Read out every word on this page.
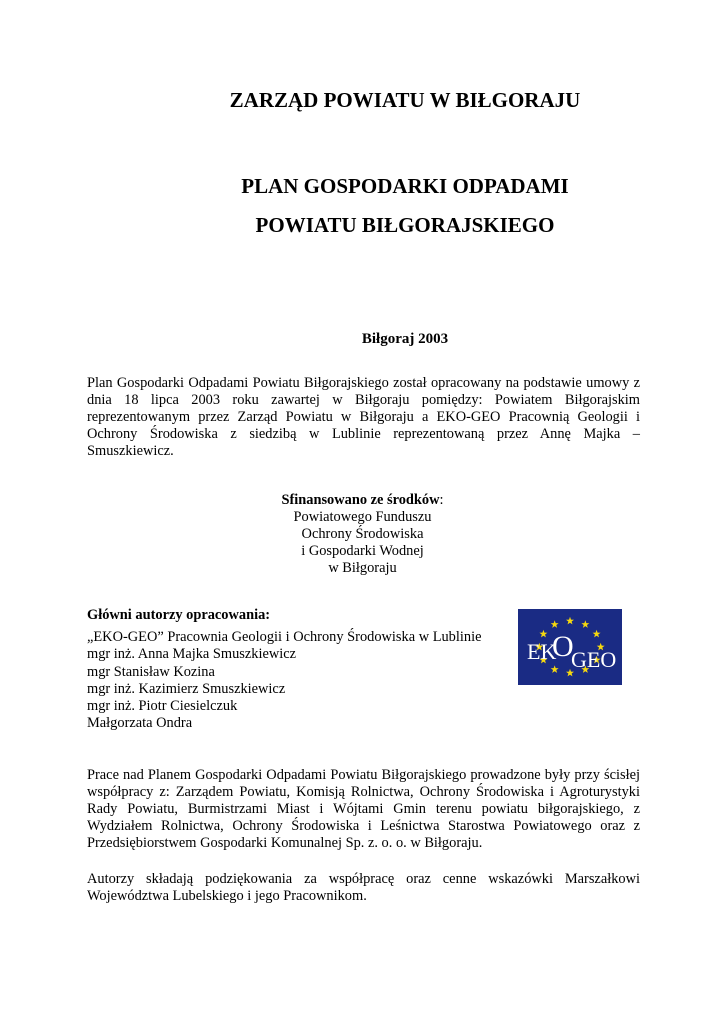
ZARZĄD POWIATU W BIŁGORAJU
PLAN GOSPODARKI ODPADAMI
POWIATU BIŁGORAJSKIEGO
Biłgoraj 2003
Plan Gospodarki Odpadami Powiatu Biłgorajskiego został opracowany na podstawie umowy z dnia 18 lipca 2003 roku zawartej w Biłgoraju pomiędzy: Powiatem Biłgorajskim reprezentowanym przez Zarząd Powiatu w Biłgoraju a EKO-GEO Pracownią Geologii i Ochrony Środowiska z siedzibą w Lublinie reprezentowaną przez Annę Majka – Smuszkiewicz.
Sfinansowano ze środków:
Powiatowego Funduszu
Ochrony Środowiska
i Gospodarki Wodnej
w Biłgoraju
Główni autorzy opracowania:
„EKO-GEO” Pracownia Geologii i Ochrony Środowiska w Lublinie
mgr inż. Anna Majka Smuszkiewicz
mgr Stanisław Kozina
mgr inż. Kazimierz Smuszkiewicz
mgr inż. Piotr Ciesielczuk
Małgorzata Ondra
EK
O
GEO
Prace nad Planem Gospodarki Odpadami Powiatu Biłgorajskiego prowadzone były przy ścisłej współpracy z: Zarządem Powiatu, Komisją Rolnictwa, Ochrony Środowiska i Agroturystyki Rady Powiatu, Burmistrzami Miast i Wójtami Gmin terenu powiatu biłgorajskiego, z Wydziałem Rolnictwa, Ochrony Środowiska i Leśnictwa Starostwa Powiatowego oraz z Przedsiębiorstwem Gospodarki Komunalnej Sp. z. o. o. w Biłgoraju.
Autorzy składają podziękowania za współpracę oraz cenne wskazówki Marszałkowi Województwa Lubelskiego i jego Pracownikom.
